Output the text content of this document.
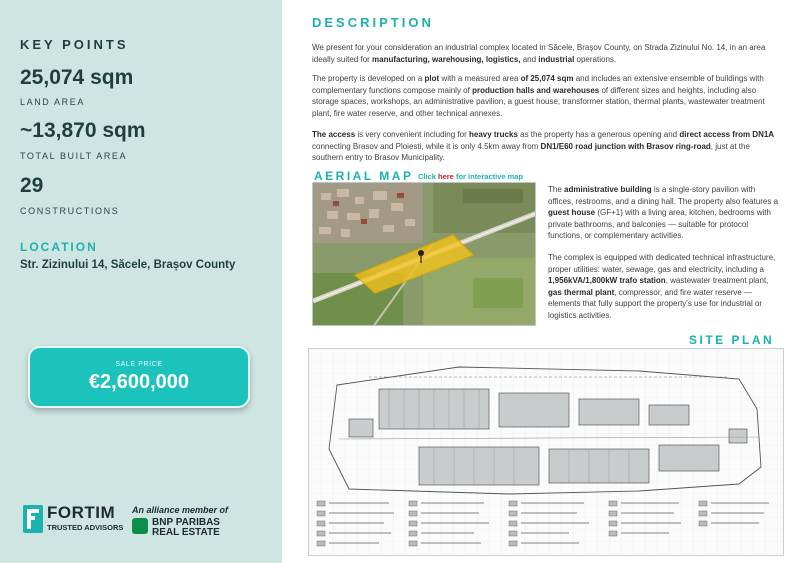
KEY POINTS
25,074 sqm
LAND AREA
~13,870 sqm
TOTAL BUILT AREA
29
CONSTRUCTIONS
LOCATION
Str. Zizinului 14, Săcele, Brașov County
SALE PRICE
€2,600,000
FORTIM
TRUSTED ADVISORS
An alliance member of
BNP PARIBAS
REAL ESTATE
DESCRIPTION
We present for your consideration an industrial complex located in Săcele, Brașov County, on Strada Zizinului No. 14, in an area ideally suited for manufacturing, warehousing, logistics, and industrial operations.
The property is developed on a plot with a measured area of 25,074 sqm and includes an extensive ensemble of buildings with complementary functions compose mainly of production halls and warehouses of different sizes and heights, including also storage spaces, workshops, an administrative pavilion, a guest house, transformer station, thermal plants, wastewater treatment plant, fire water reserve, and other technical annexes.
The access is very convenient including for heavy trucks as the property has a generous opening and direct access from DN1A connecting Brasov and Ploiesti, while it is only 4.5km away from DN1/E60 road junction with Brasov ring-road, just at the southern entry to Brasov Municipality.
AERIAL MAP Click here for interactive map
The administrative building is a single-story pavilion with offices, restrooms, and a dining hall. The property also features a guest house (GF+1) with a living area, kitchen, bedrooms with private bathrooms, and balconies — suitable for protocol functions, or complementary activities.
The complex is equipped with dedicated technical infrastructure, proper utilities: water, sewage, gas and electricity, including a 1,956kVA/1,800kW trafo station, wastewater treatment plant, gas thermal plant, compressor, and fire water reserve — elements that fully support the property's use for industrial or logistics activities.
SITE PLAN
